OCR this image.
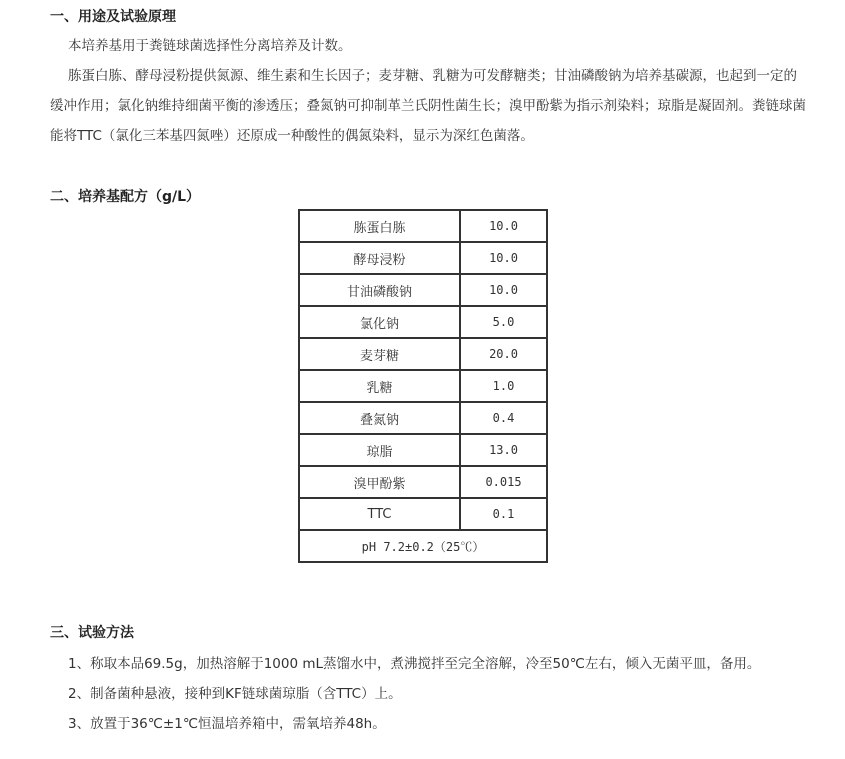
一、用途及试验原理
本培养基用于粪链球菌选择性分离培养及计数。
胨蛋白胨、酵母浸粉提供氮源、维生素和生长因子；麦芽糖、乳糖为可发酵糖类；甘油磷酸钠为培养基碳源，也起到一定的缓冲作用；氯化钠维持细菌平衡的渗透压；叠氮钠可抑制革兰氏阴性菌生长；溴甲酚紫为指示剂染料；琼脂是凝固剂。粪链球菌能将TTC（氯化三苯基四氮唑）还原成一种酸性的偶氮染料，显示为深红色菌落。
二、培养基配方（g/L）
胨蛋白胨	10.0
酵母浸粉	10.0
甘油磷酸钠	10.0
氯化钠	5.0
麦芽糖	20.0
乳糖	1.0
叠氮钠	0.4
琼脂	13.0
溴甲酚紫	0.015
TTC	0.1
pH 7.2±0.2（25℃）	
三、试验方法
1、称取本品69.5g，加热溶解于1000 mL蒸馏水中，煮沸搅拌至完全溶解，冷至50℃左右，倾入无菌平皿，备用。
2、制备菌种悬液，接种到KF链球菌琼脂（含TTC）上。
3、放置于36℃±1℃恒温培养箱中，需氧培养48h。
